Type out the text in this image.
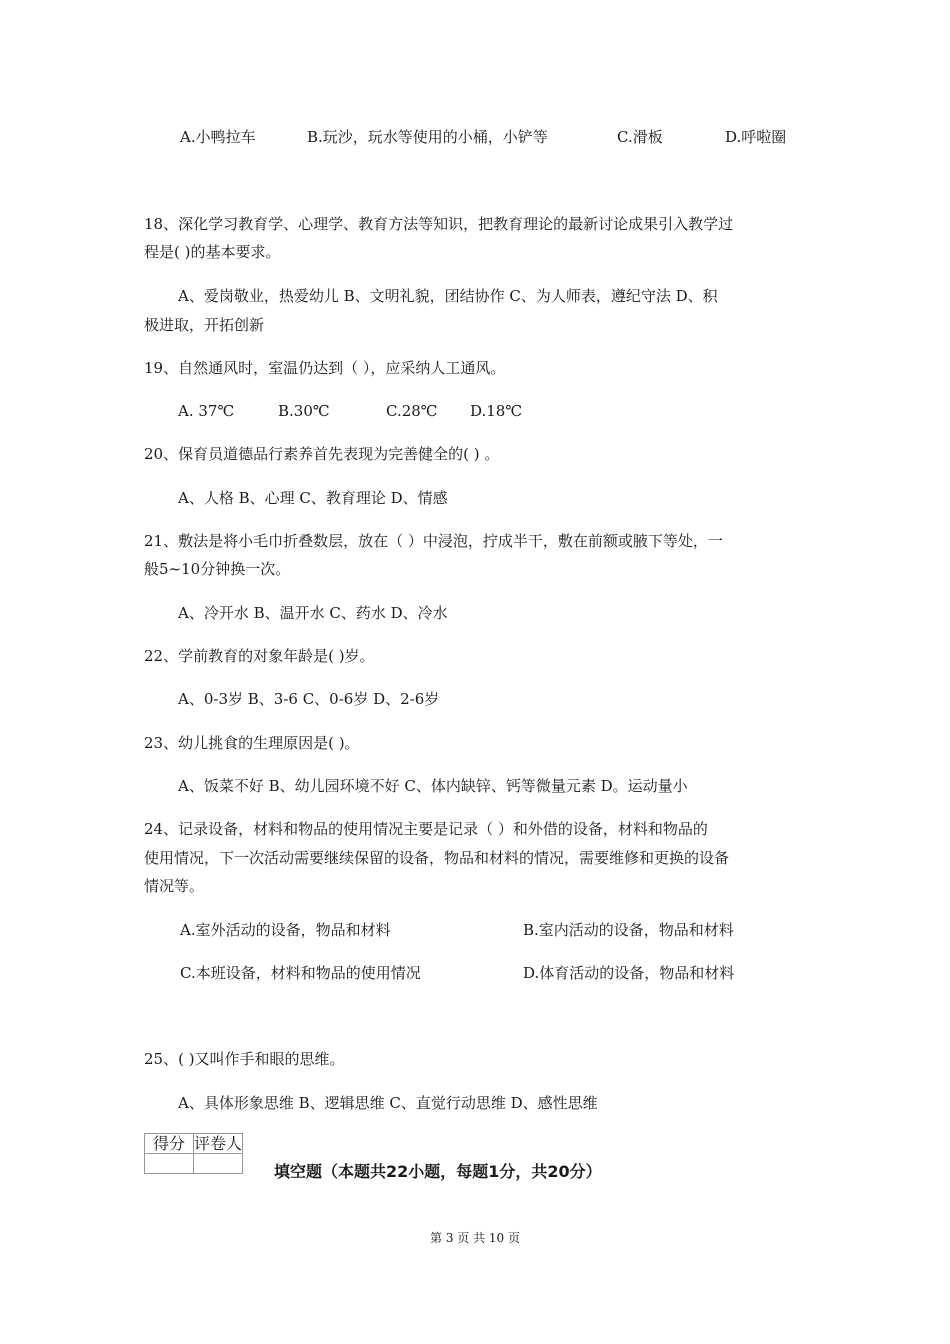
A.小鸭拉车	B.玩沙，玩水等使用的小桶，小铲等	C.滑板	D.呼啦圈
18、深化学习教育学、心理学、教育方法等知识，把教育理论的最新讨论成果引入教学过
程是( )的基本要求。
A、爱岗敬业，热爱幼儿 B、文明礼貌，团结协作 C、为人师表，遵纪守法 D、积
极进取，开拓创新
19、自然通风时，室温仍达到（ ），应采纳人工通风。
A. 37℃	B.30℃	C.28℃ D.18℃
20、保育员道德品行素养首先表现为完善健全的( ) 。
A、人格 B、心理 C、教育理论 D、情感
21、敷法是将小毛巾折叠数层，放在（ ）中浸泡，拧成半干，敷在前额或腋下等处，一
般5~10分钟换一次。
A、冷开水 B、温开水 C、药水 D、冷水
22、学前教育的对象年龄是( )岁。
A、0-3岁 B、3-6 C、0-6岁 D、2-6岁
23、幼儿挑食的生理原因是( )。
A、饭菜不好 B、幼儿园环境不好 C、体内缺锌、钙等微量元素 D。运动量小
24、记录设备，材料和物品的使用情况主要是记录（ ）和外借的设备，材料和物品的
使用情况，下一次活动需要继续保留的设备，物品和材料的情况，需要维修和更换的设备
情况等。
A.室外活动的设备，物品和材料	B.室内活动的设备，物品和材料
C.本班设备，材料和物品的使用情况	D.体育活动的设备，物品和材料
25、( )又叫作手和眼的思维。
A、具体形象思维 B、逻辑思维 C、直觉行动思维 D、感性思维
得分	评卷人

填空题（本题共22小题，每题1分，共20分）
第 3 页 共 10 页
